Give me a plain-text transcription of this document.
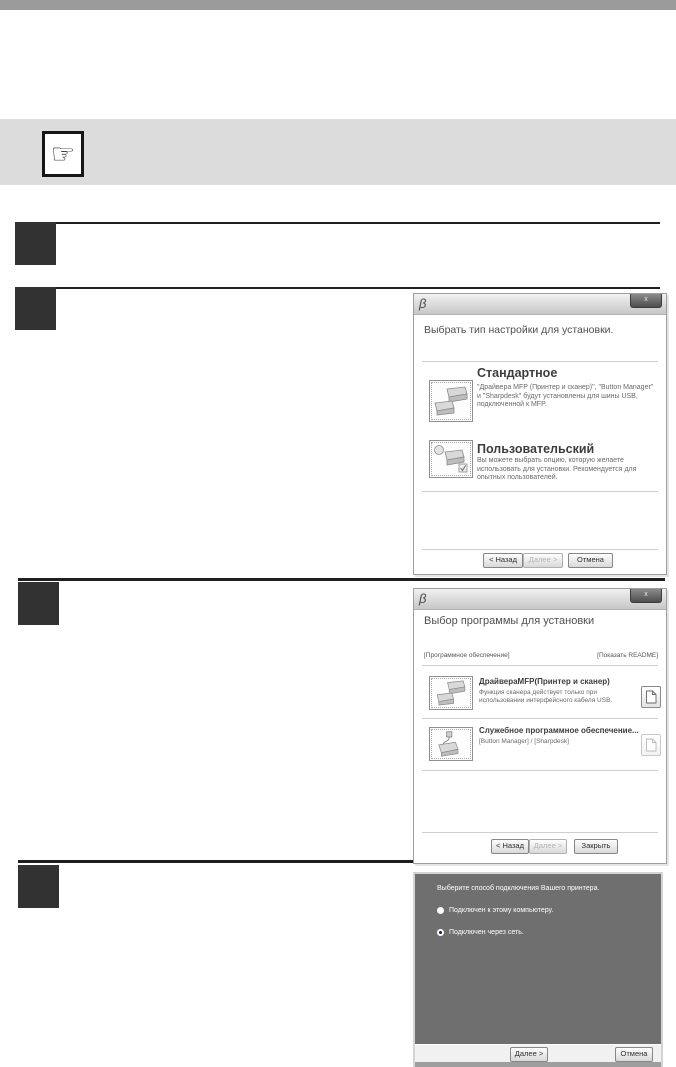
☞
β	x
Выбрать тип настройки для установки.
Стандартное
"Драйвера MFP (Принтер и сканер)", "Button Manager" и "Sharpdesk" будут установлены для шины USB, подключенной к MFP.
Пользовательский
Вы можете выбрать опцию, которую желаете использовать для установки. Рекомендуется для опытных пользователей.
< Назад	Далее >	Отмена
β	x
Выбор программы для установки
[Программное обеспечение]	[Показать README]
ДрайвераMFP(Принтер и сканер)
Функция сканера действует только при использовании интерфейсного кабеля USB.
Служебное программное обеспечение...
[Button Manager] / [Sharpdesk]
< Назад	Далее >	Закрыть
Выберите способ подключения Вашего принтера.
Подключен к этому компьютеру.
Подключен через сеть.
Далее >	Отмена
